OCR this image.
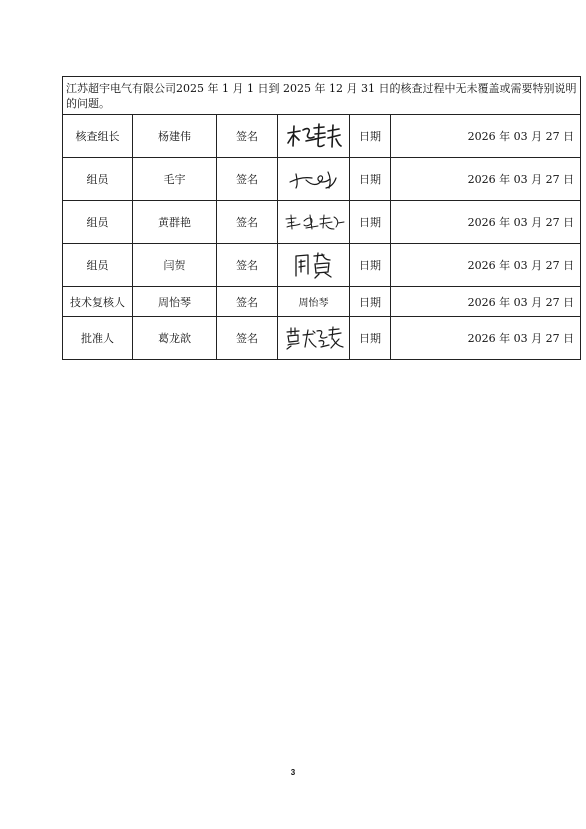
江苏超宇电气有限公司2025 年 1 月 1 日到 2025 年 12 月 31 日的核查过程中无未覆盖或需要特别说明的问题。					
核查组长	杨建伟	签名		日期	2026 年 03 月 27 日
组员	毛宇	签名		日期	2026 年 03 月 27 日
组员	黄群艳	签名		日期	2026 年 03 月 27 日
组员	闫贺	签名		日期	2026 年 03 月 27 日
技术复核人	周怡琴	签名	周怡琴	日期	2026 年 03 月 27 日
批准人	葛龙歆	签名		日期	2026 年 03 月 27 日
3
